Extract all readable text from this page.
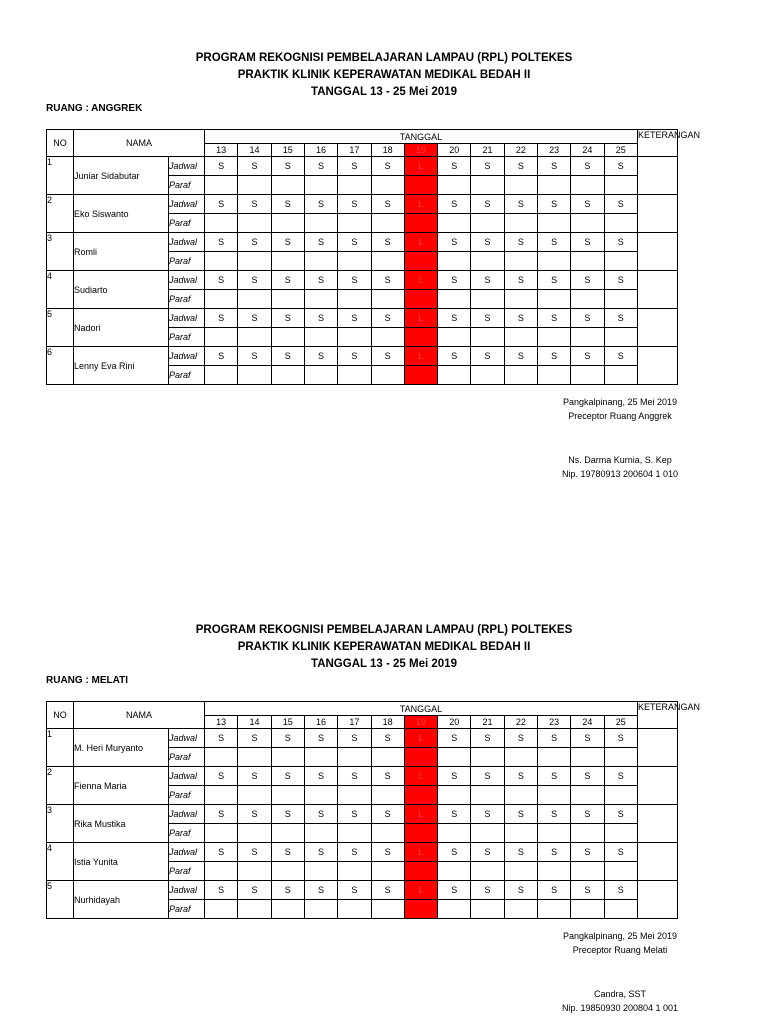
PROGRAM REKOGNISI PEMBELAJARAN LAMPAU (RPL) POLTEKES
PRAKTIK KLINIK KEPERAWATAN MEDIKAL BEDAH II
TANGGAL 13 - 25 Mei 2019
RUANG : ANGGREK
NO	NAMA		TANGGAL													KETERANGAN
			13	14	15	16	17	18	19	20	21	22	23	24	25	
1	Juniar Sidabutar	Jadwal	S	S	S	S	S	S	L	S	S	S	S	S	S	
		Paraf														
2	Eko Siswanto	Jadwal	S	S	S	S	S	S	L	S	S	S	S	S	S	
		Paraf														
3	Romli	Jadwal	S	S	S	S	S	S	L	S	S	S	S	S	S	
		Paraf														
4	Sudiarto	Jadwal	S	S	S	S	S	S	L	S	S	S	S	S	S	
		Paraf														
5	Nadori	Jadwal	S	S	S	S	S	S	L	S	S	S	S	S	S	
		Paraf														
6	Lenny Eva Rini	Jadwal	S	S	S	S	S	S	L	S	S	S	S	S	S	
		Paraf														
Pangkalpinang, 25 Mei 2019
Preceptor Ruang Anggrek
Ns. Darma Kurnia, S. Kep
Nip. 19780913 200604 1 010
PROGRAM REKOGNISI PEMBELAJARAN LAMPAU (RPL) POLTEKES
PRAKTIK KLINIK KEPERAWATAN MEDIKAL BEDAH II
TANGGAL 13 - 25 Mei 2019
RUANG : MELATI
NO	NAMA		TANGGAL													KETERANGAN
			13	14	15	16	17	18	19	20	21	22	23	24	25	
1	M. Heri Muryanto	Jadwal	S	S	S	S	S	S	L	S	S	S	S	S	S	
		Paraf														
2	Fienna Maria	Jadwal	S	S	S	S	S	S	L	S	S	S	S	S	S	
		Paraf														
3	Rika Mustika	Jadwal	S	S	S	S	S	S	L	S	S	S	S	S	S	
		Paraf														
4	Istia Yunita	Jadwal	S	S	S	S	S	S	L	S	S	S	S	S	S	
		Paraf														
5	Nurhidayah	Jadwal	S	S	S	S	S	S	L	S	S	S	S	S	S	
		Paraf														
Pangkalpinang, 25 Mei 2019
Preceptor Ruang Melati
Candra, SST
Nip. 19850930 200804 1 001
